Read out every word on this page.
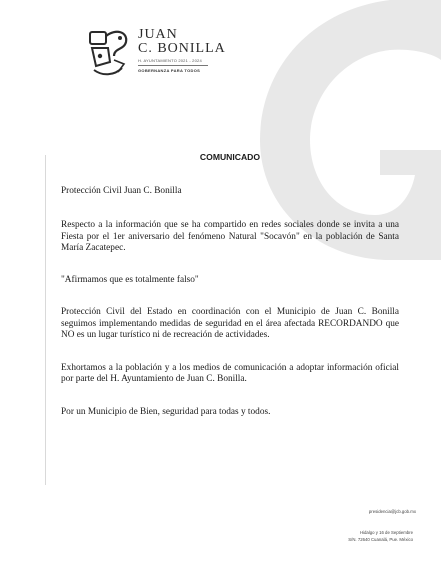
JUAN
C. BONILLA
H. AYUNTAMIENTO 2021 - 2024
GOBERNANZA PARA TODOS
COMUNICADO

Protección Civil Juan C. Bonilla

Respecto a la información que se ha compartido en redes sociales donde se invita a una Fiesta por el 1er aniversario del fenómeno Natural "Socavón" en la población de Santa María Zacatepec.

"Afirmamos que es totalmente falso"

Protección Civil del Estado en coordinación con el Municipio de Juan C. Bonilla seguimos implementando medidas de seguridad en el área afectada RECORDANDO que NO es un lugar turístico ni de recreación de actividades.

Exhortamos a la población y a los medios de comunicación a adoptar información oficial por parte del H. Ayuntamiento de Juan C. Bonilla.

Por un Municipio de Bien, seguridad para todas y todos.

presidencia@jcb.gob.mx
Hidalgo y 16 de Septiembre
S/N. 72640 Cuanalá, Pue. México
